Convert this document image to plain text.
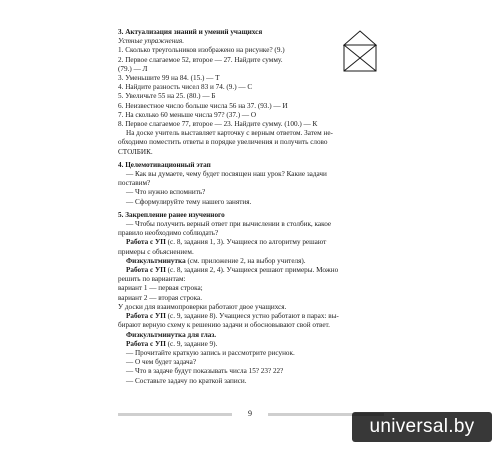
3. Актуализация знаний и умений учащихся
Устные упражнения.
1. Сколько треугольников изображено на рисунке? (9.)
2. Первое слагаемое 52, второе — 27. Найдите сумму.
(79.) — Л
3. Уменьшите 99 на 84. (15.) — Т
4. Найдите разность чисел 83 и 74. (9.) — С
5. Увеличьте 55 на 25. (80.) — Б
6. Неизвестное число больше числа 56 на 37. (93.) — И
7. На сколько 60 меньше числа 97? (37.) — О
8. Первое слагаемое 77, второе — 23. Найдите сумму. (100.) — К
На доске учитель выставляет карточку с верным ответом. Затем не-
обходимо поместить ответы в порядке увеличения и получить слово
СТОЛБИК.
4. Целемотивационный этап
— Как вы думаете, чему будет посвящен наш урок? Какие задачи
поставим?
— Что нужно вспомнить?
— Сформулируйте тему нашего занятия.
5. Закрепление ранее изученного
— Чтобы получить верный ответ при вычислении в столбик, какое
правило необходимо соблюдать?
Работа с УП (с. 8, задания 1, 3). Учащиеся по алгоритму решают
примеры с объяснением.
Физкультминутка (см. приложение 2, на выбор учителя).
Работа с УП (с. 8, задания 2, 4). Учащиеся решают примеры. Можно
решить по вариантам:
вариант 1 — первая строка;
вариант 2 — вторая строка.
У доски для взаимопроверки работают двое учащихся.
Работа с УП (с. 9, задание 8). Учащиеся устно работают в парах: вы-
бирают верную схему к решению задачи и обосновывают свой ответ.
Физкультминутка для глаз.
Работа с УП (с. 9, задание 9).
— Прочитайте краткую запись и рассмотрите рисунок.
— О чем будет задача?
— Что в задаче будут показывать числа 15? 23? 22?
— Составьте задачу по краткой записи.
9
universal.by
